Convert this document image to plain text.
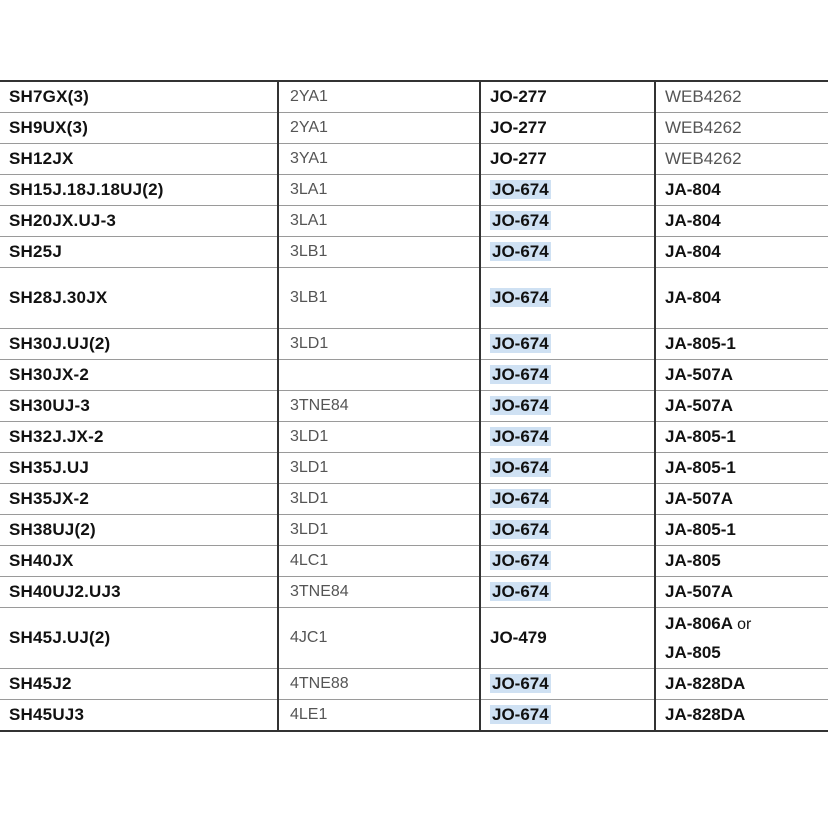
SH7GX(3)	2YA1	JO-277	WEB4262
SH9UX(3)	2YA1	JO-277	WEB4262
SH12JX	3YA1	JO-277	WEB4262
SH15J.18J.18UJ(2)	3LA1	JO-674	JA-804
SH20JX.UJ-3	3LA1	JO-674	JA-804
SH25J	3LB1	JO-674	JA-804
SH28J.30JX	3LB1	JO-674	JA-804
SH30J.UJ(2)	3LD1	JO-674	JA-805-1
SH30JX-2		JO-674	JA-507A
SH30UJ-3	3TNE84	JO-674	JA-507A
SH32J.JX-2	3LD1	JO-674	JA-805-1
SH35J.UJ	3LD1	JO-674	JA-805-1
SH35JX-2	3LD1	JO-674	JA-507A
SH38UJ(2)	3LD1	JO-674	JA-805-1
SH40JX	4LC1	JO-674	JA-805
SH40UJ2.UJ3	3TNE84	JO-674	JA-507A
SH45J.UJ(2)	4JC1	JO-479	JA-806A or
JA-805
SH45J2	4TNE88	JO-674	JA-828DA
SH45UJ3	4LE1	JO-674	JA-828DA
